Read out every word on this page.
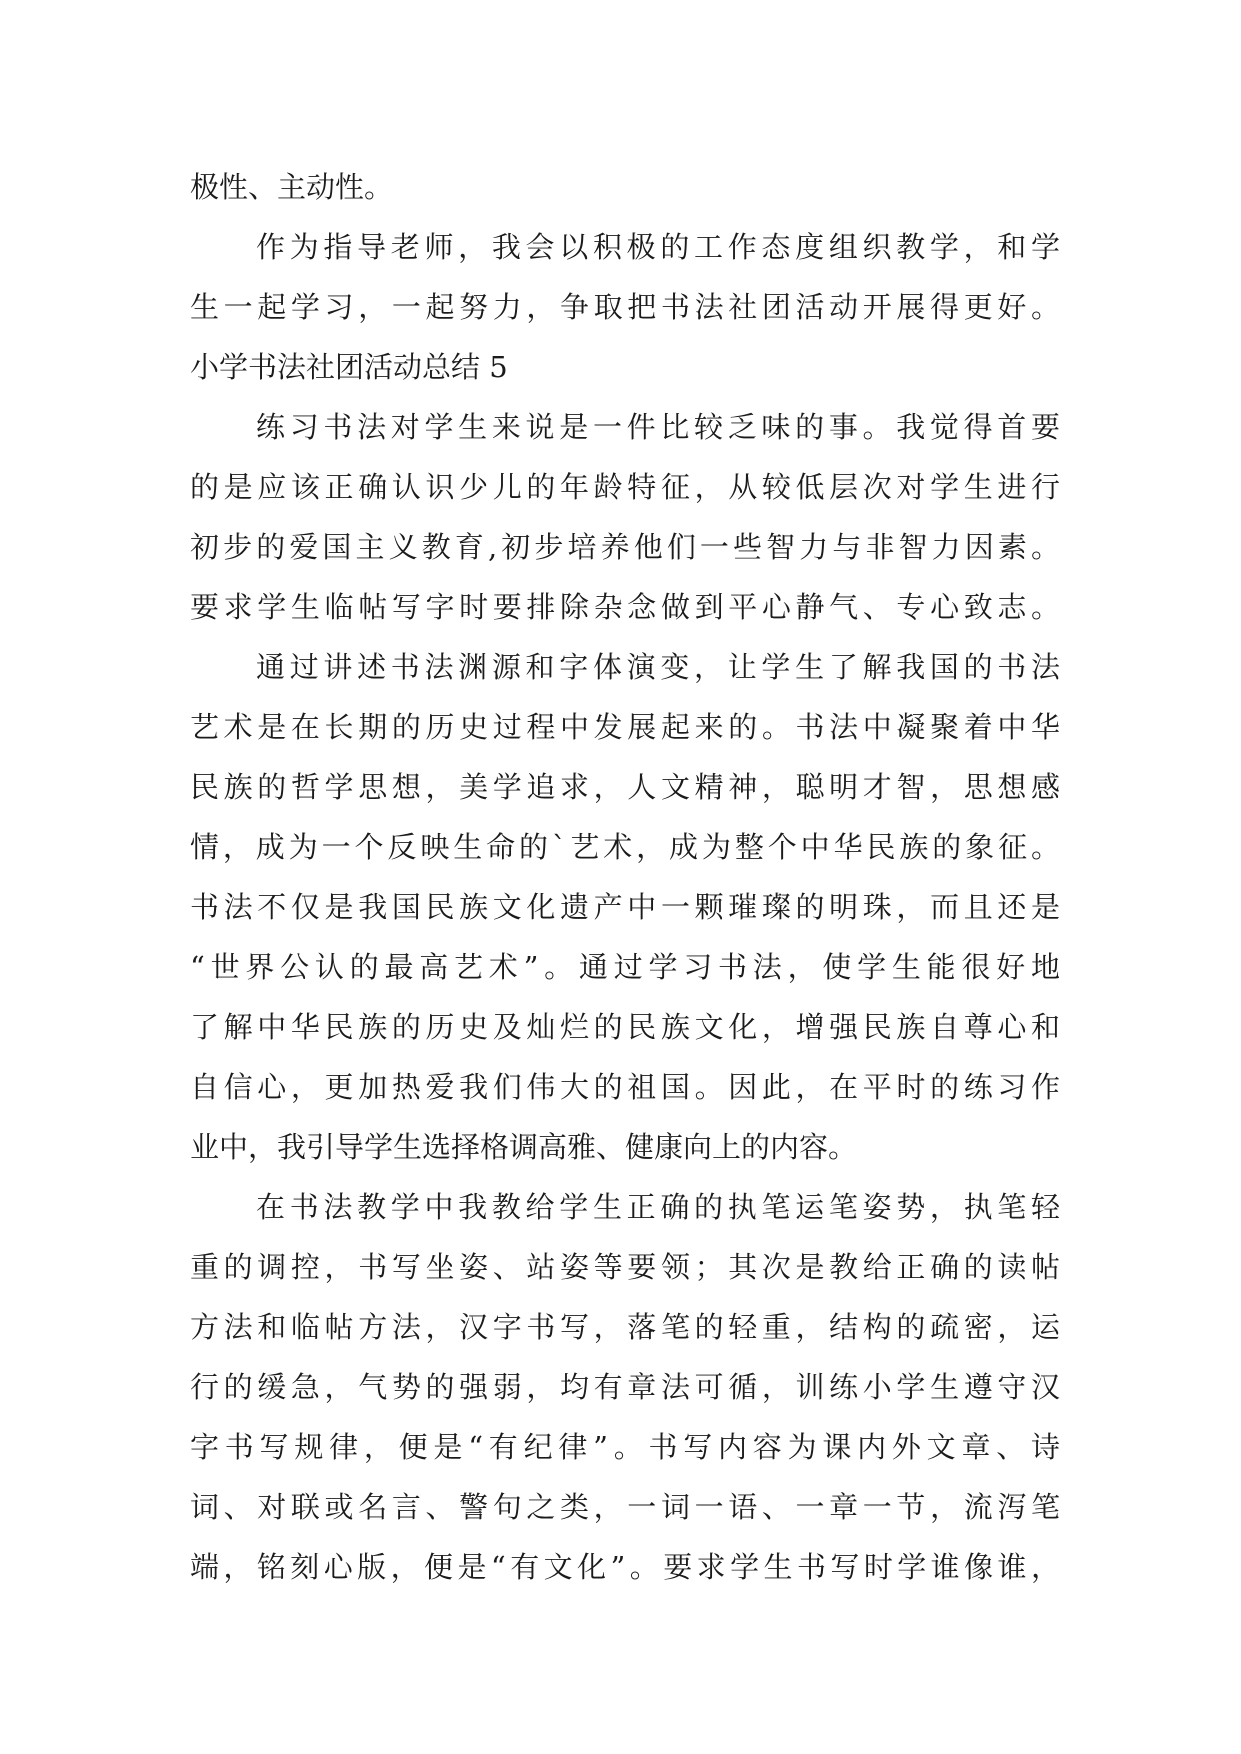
极性、主动性。
作为指导老师，我会以积极的工作态度组织教学，和学
生一起学习，一起努力，争取把书法社团活动开展得更好。
小学书法社团活动总结 5
练习书法对学生来说是一件比较乏味的事。我觉得首要
的是应该正确认识少儿的年龄特征，从较低层次对学生进行
初步的爱国主义教育,初步培养他们一些智力与非智力因素。
要求学生临帖写字时要排除杂念做到平心静气、专心致志。
通过讲述书法渊源和字体演变，让学生了解我国的书法
艺术是在长期的历史过程中发展起来的。书法中凝聚着中华
民族的哲学思想，美学追求，人文精神，聪明才智，思想感
情，成为一个反映生命的`艺术，成为整个中华民族的象征。
书法不仅是我国民族文化遗产中一颗璀璨的明珠，而且还是
“世界公认的最高艺术”。通过学习书法，使学生能很好地
了解中华民族的历史及灿烂的民族文化，增强民族自尊心和
自信心，更加热爱我们伟大的祖国。因此，在平时的练习作
业中，我引导学生选择格调高雅、健康向上的内容。
在书法教学中我教给学生正确的执笔运笔姿势，执笔轻
重的调控，书写坐姿、站姿等要领；其次是教给正确的读帖
方法和临帖方法，汉字书写，落笔的轻重，结构的疏密，运
行的缓急，气势的强弱，均有章法可循，训练小学生遵守汉
字书写规律，便是“有纪律”。书写内容为课内外文章、诗
词、对联或名言、警句之类，一词一语、一章一节，流泻笔
端，铭刻心版，便是“有文化”。要求学生书写时学谁像谁，
